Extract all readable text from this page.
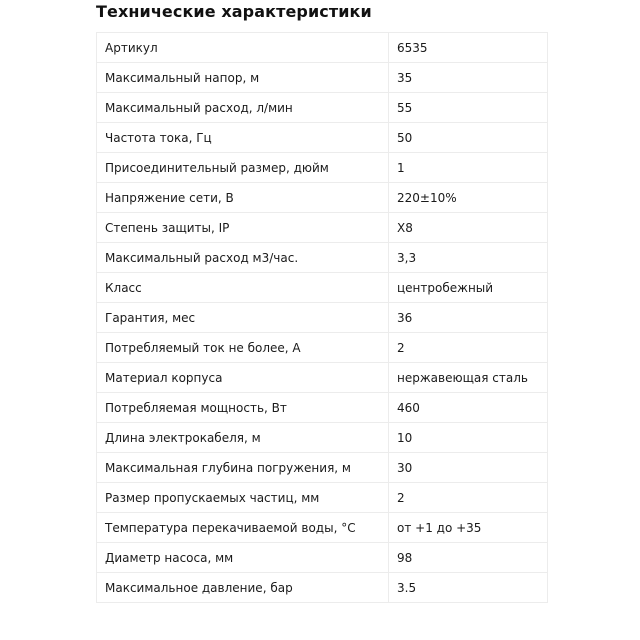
Технические характеристики
Артикул	6535
Максимальный напор, м	35
Максимальный расход, л/мин	55
Частота тока, Гц	50
Присоединительный размер, дюйм	1
Напряжение сети, В	220±10%
Степень защиты, IP	X8
Максимальный расход м3/час.	3,3
Класс	центробежный
Гарантия, мес	36
Потребляемый ток не более, А	2
Материал корпуса	нержавеющая сталь
Потребляемая мощность, Вт	460
Длина электрокабеля, м	10
Максимальная глубина погружения, м	30
Размер пропускаемых частиц, мм	2
Температура перекачиваемой воды, °С	от +1 до +35
Диаметр насоса, мм	98
Максимальное давление, бар	3.5
